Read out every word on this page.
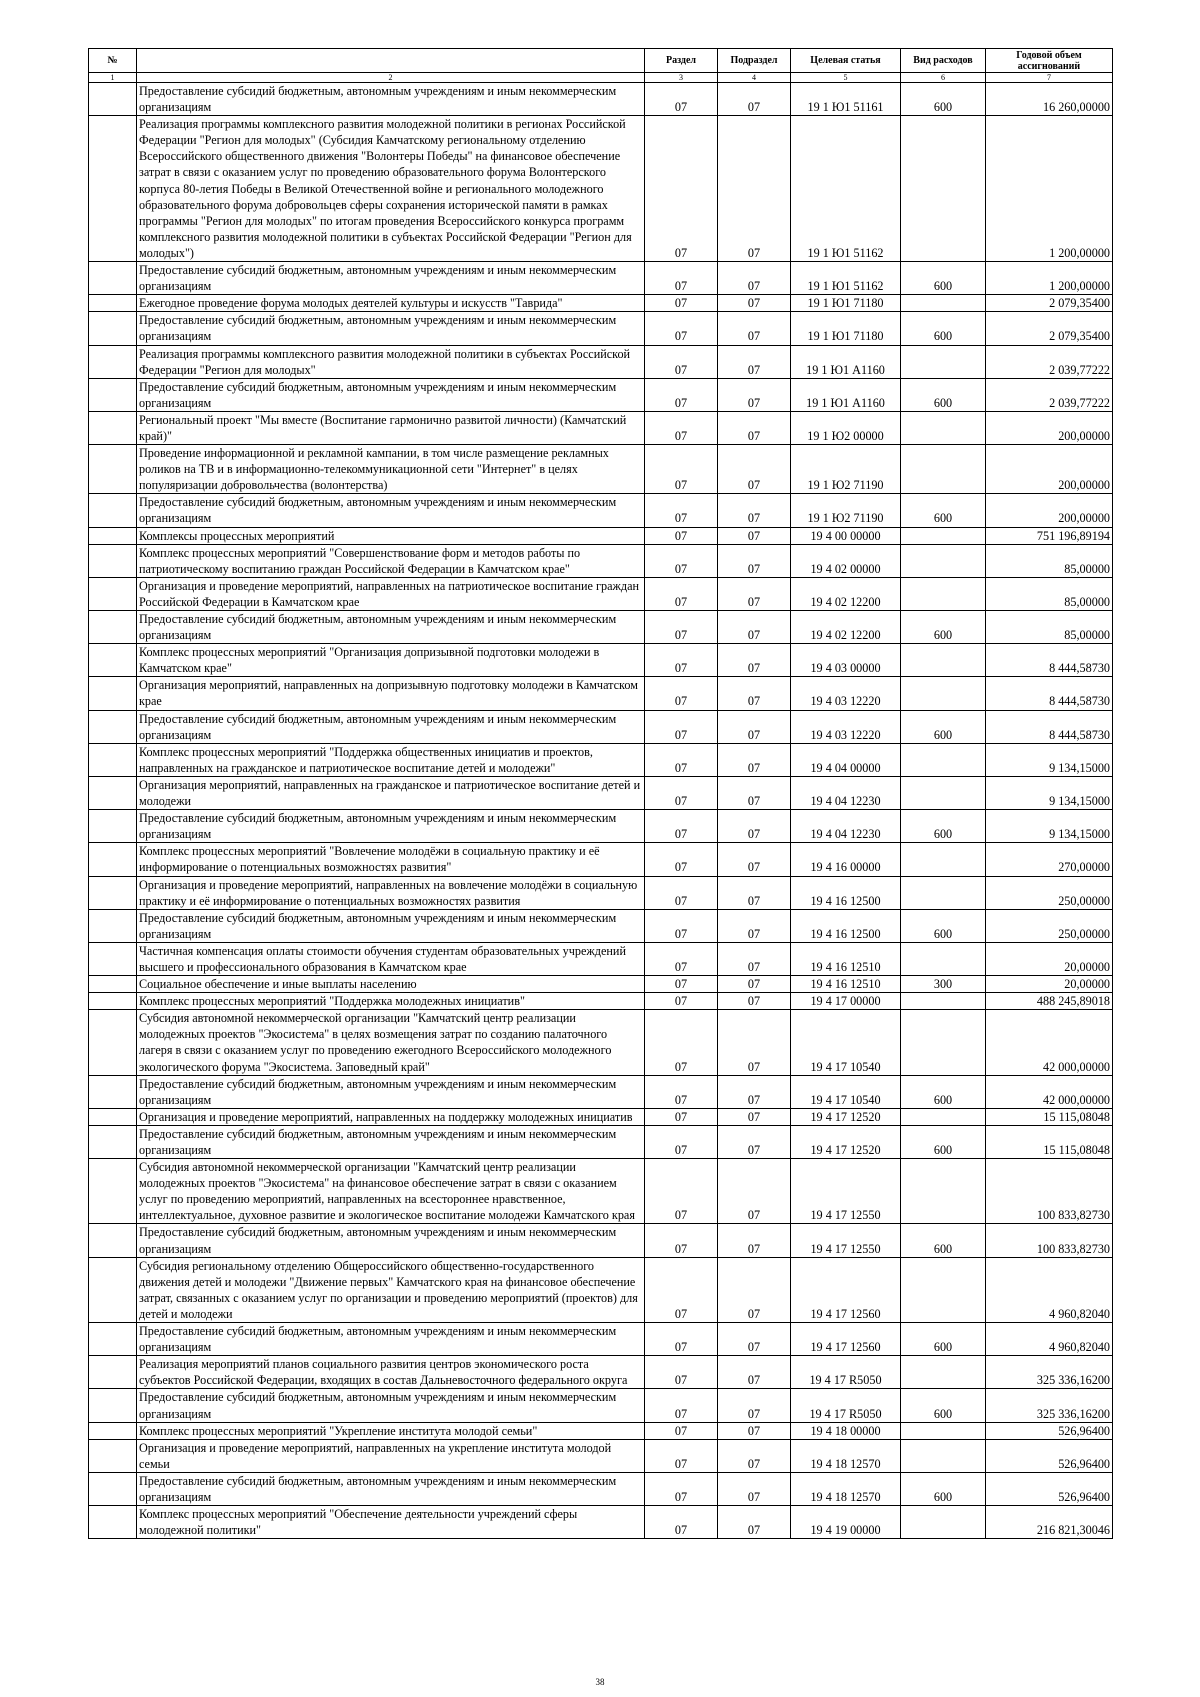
№		Раздел	Подраздел	Целевая статья	Вид расходов	Годовой объем ассигнований
1	2	3	4	5	6	7
	Предоставление субсидий бюджетным, автономным учреждениям и иным некоммерческим организациям	07	07	19 1 Ю1 51161	600	16 260,00000
	Реализация программы комплексного развития молодежной политики в регионах Российской Федерации "Регион для молодых" (Субсидия Камчатскому региональному отделению Всероссийского общественного движения "Волонтеры Победы" на финансовое обеспечение затрат в связи с оказанием услуг по проведению образовательного форума Волонтерского корпуса 80-летия Победы в Великой Отечественной войне и регионального молодежного образовательного форума добровольцев сферы сохранения исторической памяти в рамках программы "Регион для молодых" по итогам проведения Всероссийского конкурса программ комплексного развития молодежной политики в субъектах Российской Федерации "Регион для молодых")	07	07	19 1 Ю1 51162		1 200,00000
	Предоставление субсидий бюджетным, автономным учреждениям и иным некоммерческим организациям	07	07	19 1 Ю1 51162	600	1 200,00000
	Ежегодное проведение форума молодых деятелей культуры и искусств "Таврида"	07	07	19 1 Ю1 71180		2 079,35400
	Предоставление субсидий бюджетным, автономным учреждениям и иным некоммерческим организациям	07	07	19 1 Ю1 71180	600	2 079,35400
	Реализация программы комплексного развития молодежной политики в субъектах Российской Федерации "Регион для молодых"	07	07	19 1 Ю1 А1160		2 039,77222
	Предоставление субсидий бюджетным, автономным учреждениям и иным некоммерческим организациям	07	07	19 1 Ю1 А1160	600	2 039,77222
	Региональный проект "Мы вместе (Воспитание гармонично развитой личности) (Камчатский край)"	07	07	19 1 Ю2 00000		200,00000
	Проведение информационной и рекламной кампании, в том числе размещение рекламных роликов на ТВ и в информационно-телекоммуникационной сети "Интернет" в целях популяризации добровольчества (волонтерства)	07	07	19 1 Ю2 71190		200,00000
	Предоставление субсидий бюджетным, автономным учреждениям и иным некоммерческим организациям	07	07	19 1 Ю2 71190	600	200,00000
	Комплексы процессных мероприятий	07	07	19 4 00 00000		751 196,89194
	Комплекс процессных мероприятий "Совершенствование форм и методов работы по патриотическому воспитанию граждан Российской Федерации в Камчатском крае"	07	07	19 4 02 00000		85,00000
	Организация и проведение мероприятий, направленных на патриотическое воспитание граждан Российской Федерации в Камчатском крае	07	07	19 4 02 12200		85,00000
	Предоставление субсидий бюджетным, автономным учреждениям и иным некоммерческим организациям	07	07	19 4 02 12200	600	85,00000
	Комплекс процессных мероприятий "Организация допризывной подготовки молодежи в Камчатском крае"	07	07	19 4 03 00000		8 444,58730
	Организация мероприятий, направленных на допризывную подготовку молодежи в Камчатском крае	07	07	19 4 03 12220		8 444,58730
	Предоставление субсидий бюджетным, автономным учреждениям и иным некоммерческим организациям	07	07	19 4 03 12220	600	8 444,58730
	Комплекс процессных мероприятий "Поддержка общественных инициатив и проектов, направленных на гражданское и патриотическое воспитание детей и молодежи"	07	07	19 4 04 00000		9 134,15000
	Организация мероприятий, направленных на гражданское и патриотическое воспитание детей и молодежи	07	07	19 4 04 12230		9 134,15000
	Предоставление субсидий бюджетным, автономным учреждениям и иным некоммерческим организациям	07	07	19 4 04 12230	600	9 134,15000
	Комплекс процессных мероприятий "Вовлечение молодёжи в социальную практику и её информирование о потенциальных возможностях развития"	07	07	19 4 16 00000		270,00000
	Организация и проведение мероприятий, направленных на вовлечение молодёжи в социальную практику и её информирование о потенциальных возможностях развития	07	07	19 4 16 12500		250,00000
	Предоставление субсидий бюджетным, автономным учреждениям и иным некоммерческим организациям	07	07	19 4 16 12500	600	250,00000
	Частичная компенсация оплаты стоимости обучения студентам образовательных учреждений высшего и профессионального образования в Камчатском крае	07	07	19 4 16 12510		20,00000
	Социальное обеспечение и иные выплаты населению	07	07	19 4 16 12510	300	20,00000
	Комплекс процессных мероприятий "Поддержка молодежных инициатив"	07	07	19 4 17 00000		488 245,89018
	Субсидия автономной некоммерческой организации "Камчатский центр реализации молодежных проектов "Экосистема" в целях возмещения затрат по созданию палаточного лагеря в связи с оказанием услуг по проведению ежегодного Всероссийского молодежного экологического форума "Экосистема. Заповедный край"	07	07	19 4 17 10540		42 000,00000
	Предоставление субсидий бюджетным, автономным учреждениям и иным некоммерческим организациям	07	07	19 4 17 10540	600	42 000,00000
	Организация и проведение мероприятий, направленных на поддержку молодежных инициатив	07	07	19 4 17 12520		15 115,08048
	Предоставление субсидий бюджетным, автономным учреждениям и иным некоммерческим организациям	07	07	19 4 17 12520	600	15 115,08048
	Субсидия автономной некоммерческой организации "Камчатский центр реализации молодежных проектов "Экосистема" на финансовое обеспечение затрат в связи с оказанием услуг по проведению мероприятий, направленных на всестороннее нравственное, интеллектуальное, духовное развитие и экологическое воспитание молодежи Камчатского края	07	07	19 4 17 12550		100 833,82730
	Предоставление субсидий бюджетным, автономным учреждениям и иным некоммерческим организациям	07	07	19 4 17 12550	600	100 833,82730
	Субсидия региональному отделению Общероссийского общественно-государственного движения детей и молодежи "Движение первых" Камчатского края на финансовое обеспечение затрат, связанных с оказанием услуг по организации и проведению мероприятий (проектов) для детей и молодежи	07	07	19 4 17 12560		4 960,82040
	Предоставление субсидий бюджетным, автономным учреждениям и иным некоммерческим организациям	07	07	19 4 17 12560	600	4 960,82040
	Реализация мероприятий планов социального развития центров экономического роста субъектов Российской Федерации, входящих в состав Дальневосточного федерального округа	07	07	19 4 17 R5050		325 336,16200
	Предоставление субсидий бюджетным, автономным учреждениям и иным некоммерческим организациям	07	07	19 4 17 R5050	600	325 336,16200
	Комплекс процессных мероприятий "Укрепление института молодой семьи"	07	07	19 4 18 00000		526,96400
	Организация и проведение мероприятий, направленных на укрепление института молодой семьи	07	07	19 4 18 12570		526,96400
	Предоставление субсидий бюджетным, автономным учреждениям и иным некоммерческим организациям	07	07	19 4 18 12570	600	526,96400
	Комплекс процессных мероприятий "Обеспечение деятельности учреждений сферы молодежной политики"	07	07	19 4 19 00000		216 821,30046
38
